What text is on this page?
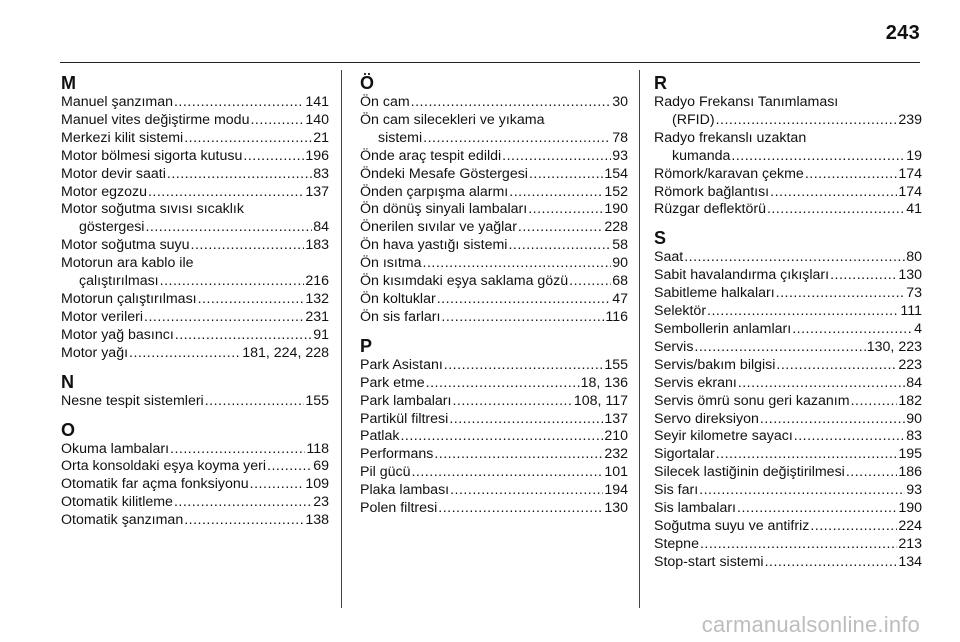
243
M
Manuel şanzıman .....	141
Manuel vites değiştirme modu .....	140
Merkezi kilit sistemi .....	21
Motor bölmesi sigorta kutusu .....	196
Motor devir saati .....	83
Motor egzozu .....	137
Motor soğutma sıvısı sıcaklık
göstergesi .....	84
Motor soğutma suyu .....	183
Motorun ara kablo ile
çalıştırılması .....	216
Motorun çalıştırılması .....	132
Motor verileri .....	231
Motor yağ basıncı .....	91
Motor yağı .....	181, 224, 228
N
Nesne tespit sistemleri .....	155
O
Okuma lambaları .....	118
Orta konsoldaki eşya koyma yeri .....	69
Otomatik far açma fonksiyonu .....	109
Otomatik kilitleme .....	23
Otomatik şanzıman .....	138
Ö
Ön cam .....	30
Ön cam silecekleri ve yıkama
sistemi .....	78
Önde araç tespit edildi .....	93
Öndeki Mesafe Göstergesi .....	154
Önden çarpışma alarmı .....	152
Ön dönüş sinyali lambaları .....	190
Önerilen sıvılar ve yağlar .....	228
Ön hava yastığı sistemi .....	58
Ön ısıtma .....	90
Ön kısımdaki eşya saklama gözü .....	68
Ön koltuklar .....	47
Ön sis farları .....	116
P
Park Asistanı .....	155
Park etme .....	18, 136
Park lambaları .....	108, 117
Partikül filtresi .....	137
Patlak .....	210
Performans .....	232
Pil gücü .....	101
Plaka lambası .....	194
Polen filtresi .....	130
R
Radyo Frekansı Tanımlaması
(RFID) .....	239
Radyo frekanslı uzaktan
kumanda .....	19
Römork/karavan çekme .....	174
Römork bağlantısı .....	174
Rüzgar deflektörü .....	41
S
Saat .....	80
Sabit havalandırma çıkışları .....	130
Sabitleme halkaları .....	73
Selektör .....	111
Sembollerin anlamları .....	4
Servis .....	130, 223
Servis/bakım bilgisi .....	223
Servis ekranı .....	84
Servis ömrü sonu geri kazanım .....	182
Servo direksiyon .....	90
Seyir kilometre sayacı .....	83
Sigortalar .....	195
Silecek lastiğinin değiştirilmesi .....	186
Sis farı .....	93
Sis lambaları .....	190
Soğutma suyu ve antifriz .....	224
Stepne .....	213
Stop-start sistemi .....	134
carmanualsonline.info
